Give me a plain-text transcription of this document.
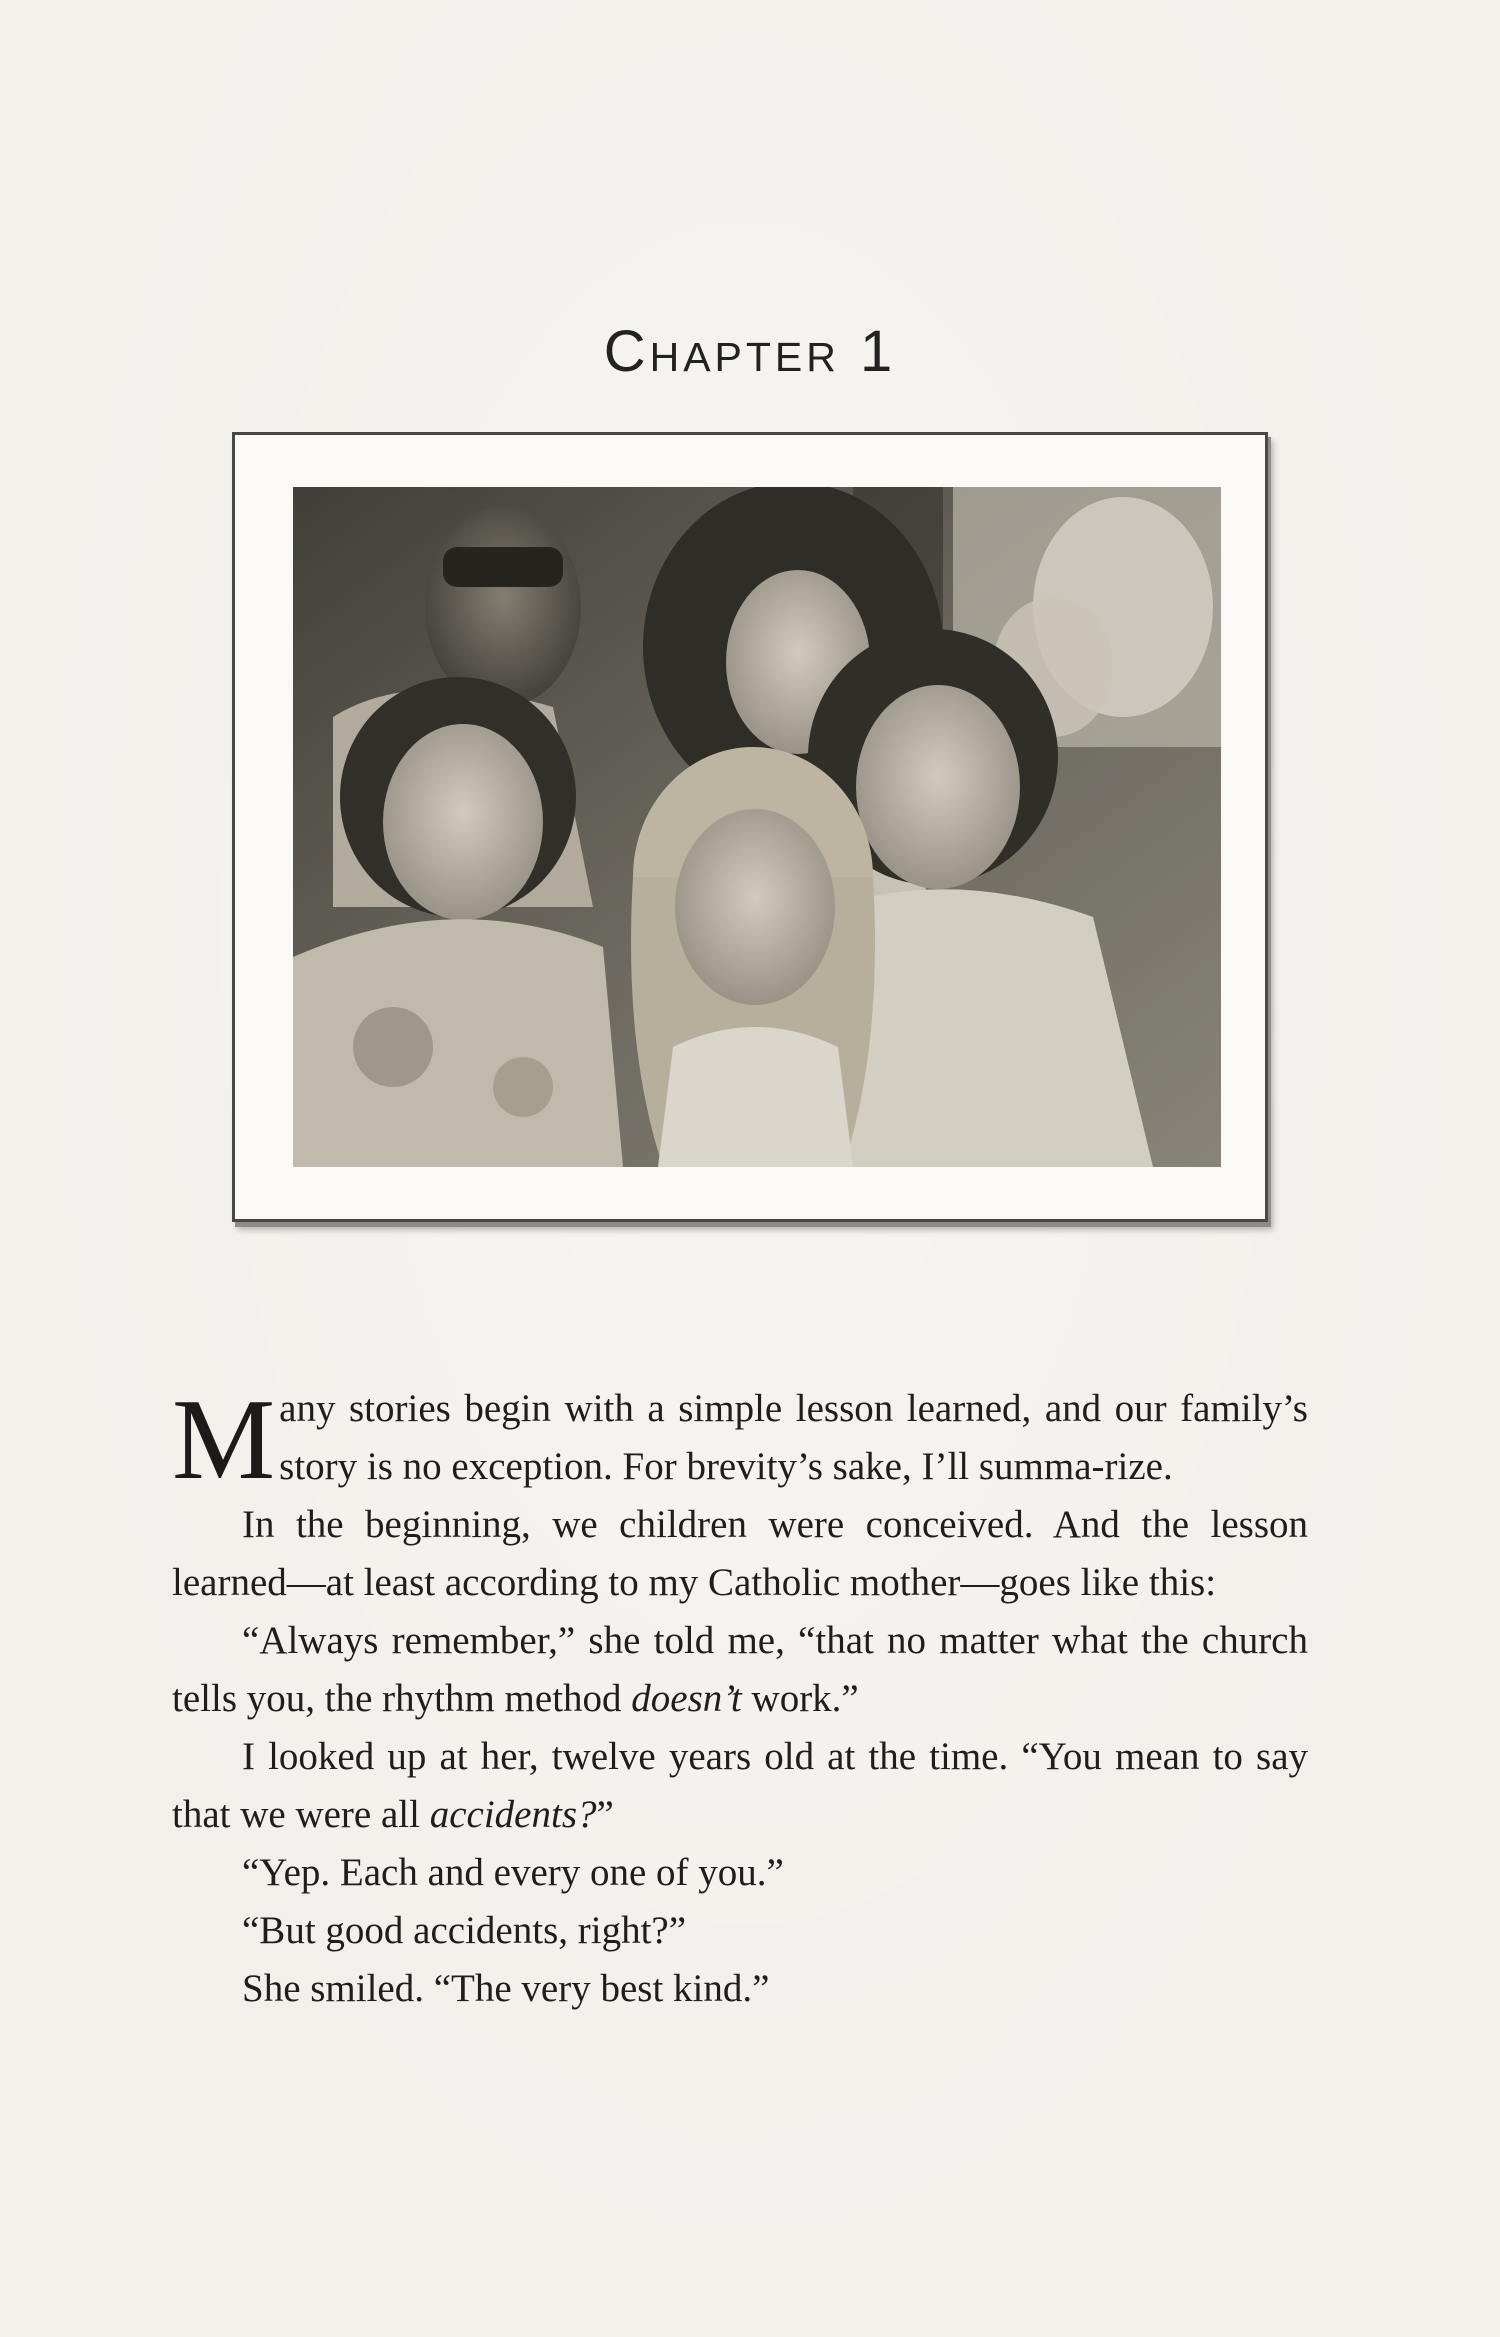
Chapter 1

Many stories begin with a simple lesson learned, and our family’s story is no exception. For brevity’s sake, I’ll summa-rize.

In the beginning, we children were conceived. And the lesson learned—at least according to my Catholic mother—goes like this:

“Always remember,” she told me, “that no matter what the church tells you, the rhythm method doesn’t work.”

I looked up at her, twelve years old at the time. “You mean to say that we were all accidents?”

“Yep. Each and every one of you.”

“But good accidents, right?”

She smiled. “The very best kind.”
